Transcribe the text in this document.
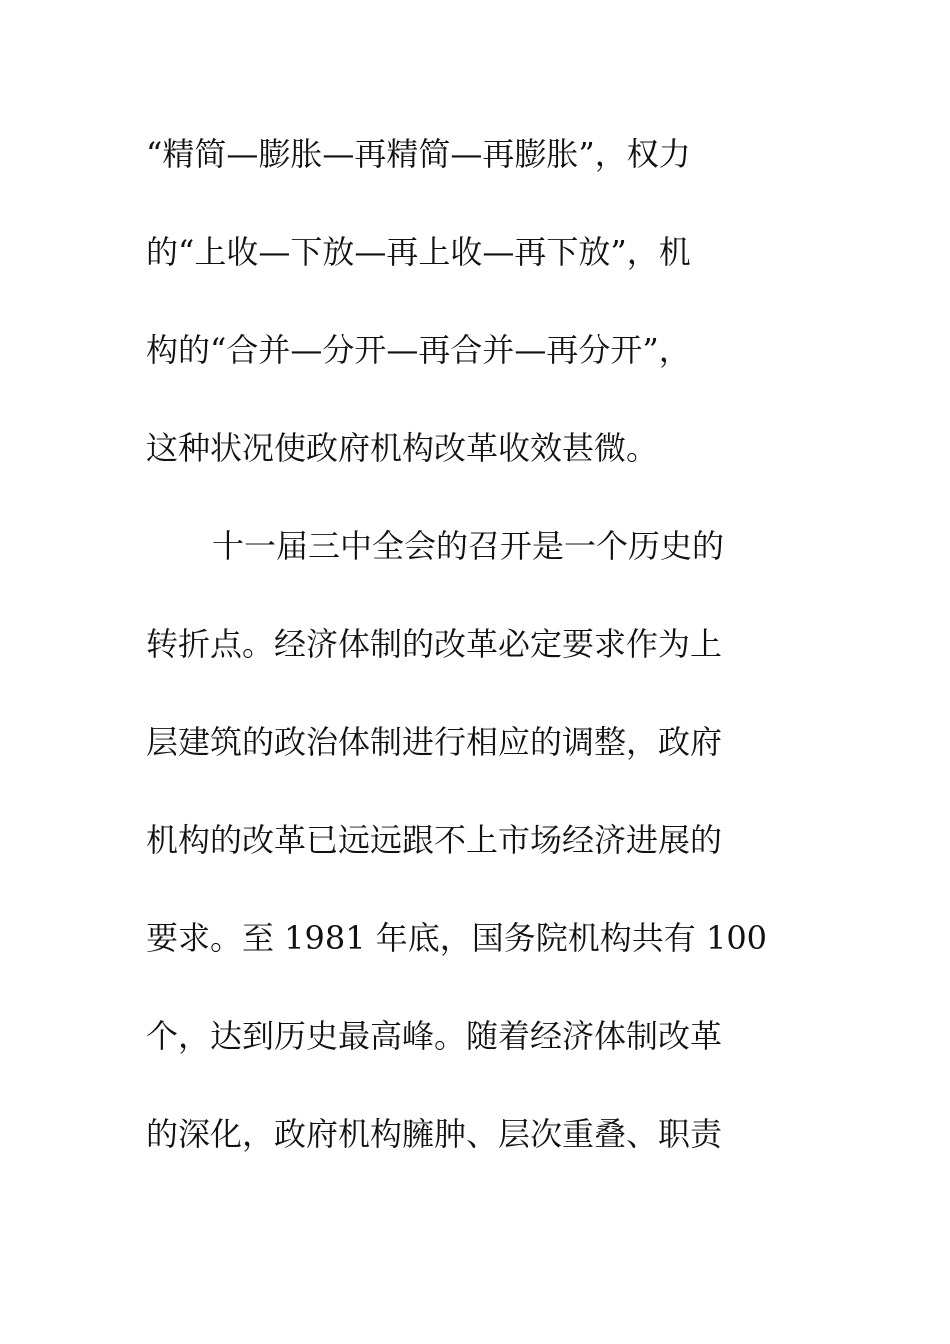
“精简—膨胀—再精简—再膨胀”，权力
的“上收—下放—再上收—再下放”，机
构的“合并—分开—再合并—再分开”，
这种状况使政府机构改革收效甚微。
十一届三中全会的召开是一个历史的
转折点。经济体制的改革必定要求作为上
层建筑的政治体制进行相应的调整，政府
机构的改革已远远跟不上市场经济进展的
要求。至 1981 年底，国务院机构共有 100
个，达到历史最高峰。随着经济体制改革
的深化，政府机构臃肿、层次重叠、职责
